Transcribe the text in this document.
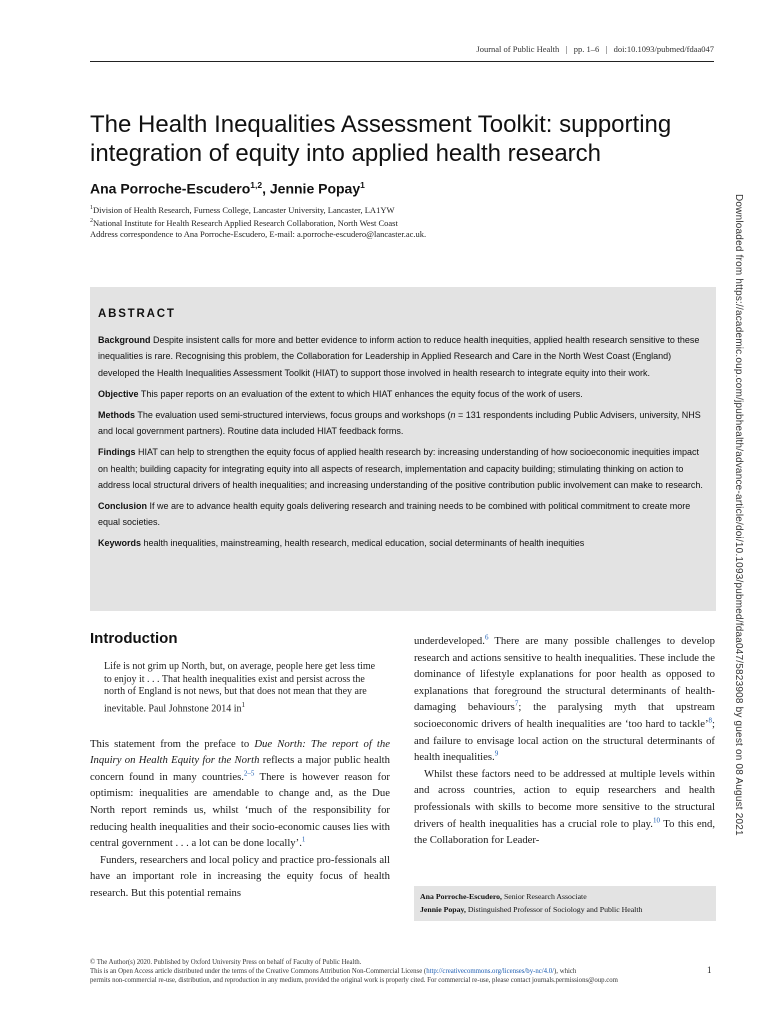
Journal of Public Health   |   pp. 1–6   |   doi:10.1093/pubmed/fdaa047
The Health Inequalities Assessment Toolkit: supporting integration of equity into applied health research
Ana Porroche-Escudero$^{1,2}$, Jennie Popay$^1$
$^1$Division of Health Research, Furness College, Lancaster University, Lancaster, LA1YW
$^2$National Institute for Health Research Applied Research Collaboration, North West Coast
Address correspondence to Ana Porroche-Escudero, E-mail: a.porroche-escudero@lancaster.ac.uk.	Downloaded from https://academic.oup.com/jpubhealth/advance-article/doi/10.1093/pubmed/fdaa047/5823908 by guest on 08 August 2021
ABSTRACT

Background Despite insistent calls for more and better evidence to inform action to reduce health inequities, applied health research sensitive to these inequalities is rare. Recognising this problem, the Collaboration for Leadership in Applied Research and Care in the North West Coast (England) developed the Health Inequalities Assessment Toolkit (HIAT) to support those involved in health research to integrate equity into their work.

Objective This paper reports on an evaluation of the extent to which HIAT enhances the equity focus of the work of users.

Methods The evaluation used semi-structured interviews, focus groups and workshops (n = 131 respondents including Public Advisers, university, NHS and local government partners). Routine data included HIAT feedback forms.

Findings HIAT can help to strengthen the equity focus of applied health research by: increasing understanding of how socioeconomic inequities impact on health; building capacity for integrating equity into all aspects of research, implementation and capacity building; stimulating thinking on action to address local structural drivers of health inequalities; and increasing understanding of the positive contribution public involvement can make to research.

Conclusion If we are to advance health equity goals delivering research and training needs to be combined with political commitment to create more equal societies.

Keywords health inequalities, mainstreaming, health research, medical education, social determinants of health inequities

Introduction
Life is not grim up North, but, on average, people here get less time to enjoy it . . . That health inequalities exist and persist across the north of England is not news, but that does not mean that they are inevitable. Paul Johnstone 2014 $in^1$

This statement from the preface to Due North: The report of the Inquiry on Health Equity for the North reflects a major public health concern found in many countries.$^{2-5}$ There is however reason for optimism: inequalities are amendable to change and, as the Due North report reminds us, whilst ‘much of the responsibility for reducing health inequalities and their socio-economic causes lies with central government . . . a lot can be done locally’.$^1$

Funders, researchers and local policy and practice pro-fessionals all have an important role in increasing the equity focus of health research. But this potential remains

underdeveloped.$^6$ There are many possible challenges to develop research and actions sensitive to health inequalities. These include the dominance of lifestyle explanations for poor health as opposed to explanations that foreground the structural determinants of health-damaging behaviours$^7$; the paralysing myth that upstream socioeconomic drivers of health inequalities are ‘too hard to tackle’$^8$; and failure to envisage local action on the structural determinants of health inequalities.$^9$

Whilst these factors need to be addressed at multiple levels within and across countries, action to equip researchers and health professionals with skills to become more sensitive to the structural drivers of health inequalities has a crucial role to play.$^{10}$ To this end, the Collaboration for Leader-

Ana Porroche-Escudero, Senior Research Associate
Jennie Popay, Distinguished Professor of Sociology and Public Health
© The Author(s) 2020. Published by Oxford University Press on behalf of Faculty of Public Health.
This is an Open Access article distributed under the terms of the Creative Commons Attribution Non-Commercial License (http://creativecommons.org/licenses/by-nc/4.0/), which
permits non-commercial re-use, distribution, and reproduction in any medium, provided the original work is properly cited. For commercial re-use, please contact journals.permissions@oup.com
1
